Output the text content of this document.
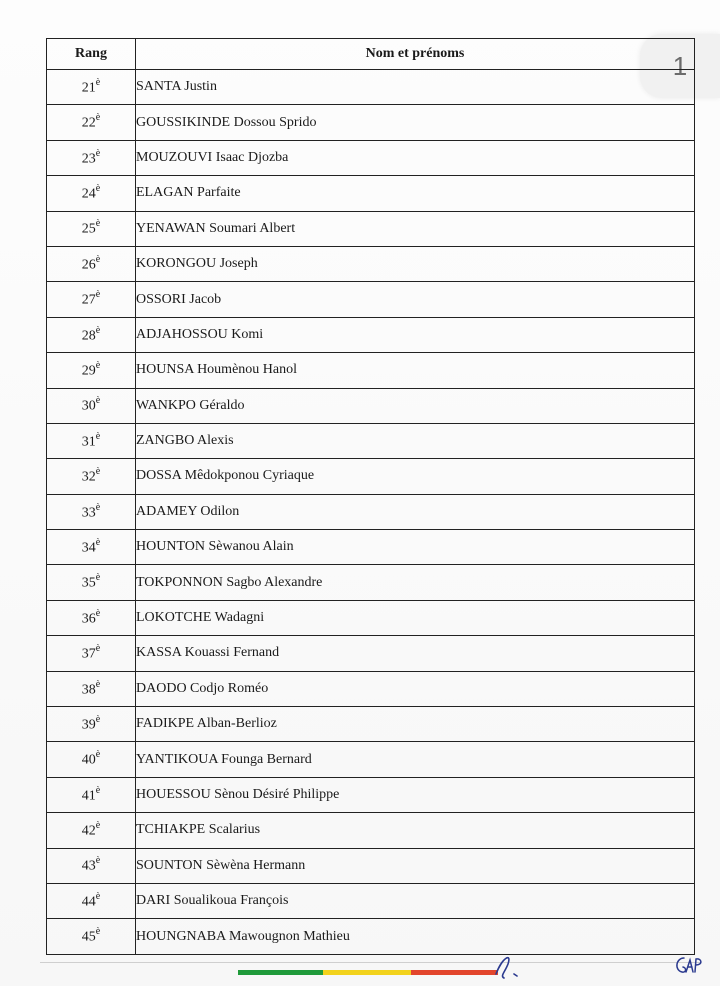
1
Rang	Nom et prénoms
$21^è$	SANTA Justin
$22^è$	GOUSSIKINDE Dossou Sprido
$23^è$	MOUZOUVI Isaac Djozba
$24^è$	ELAGAN Parfaite
$25^è$	YENAWAN Soumari Albert
$26^è$	KORONGOU Joseph
$27^è$	OSSORI Jacob
$28^è$	ADJAHOSSOU Komi
$29^è$	HOUNSA Houmènou Hanol
$30^è$	WANKPO Géraldo
$31^è$	ZANGBO Alexis
$32^è$	DOSSA Mêdokponou Cyriaque
$33^è$	ADAMEY Odilon
$34^è$	HOUNTON Sèwanou Alain
$35^è$	TOKPONNON Sagbo Alexandre
$36^è$	LOKOTCHE Wadagni
$37^è$	KASSA Kouassi Fernand
$38^è$	DAODO Codjo Roméo
$39^è$	FADIKPE Alban-Berlioz
$40^è$	YANTIKOUA Founga Bernard
$41^è$	HOUESSOU Sènou Désiré Philippe
$42^è$	TCHIAKPE Scalarius
$43^è$	SOUNTON Sèwèna Hermann
$44^è$	DARI Soualikoua François
$45^è$	HOUNGNABA Mawougnon Mathieu
